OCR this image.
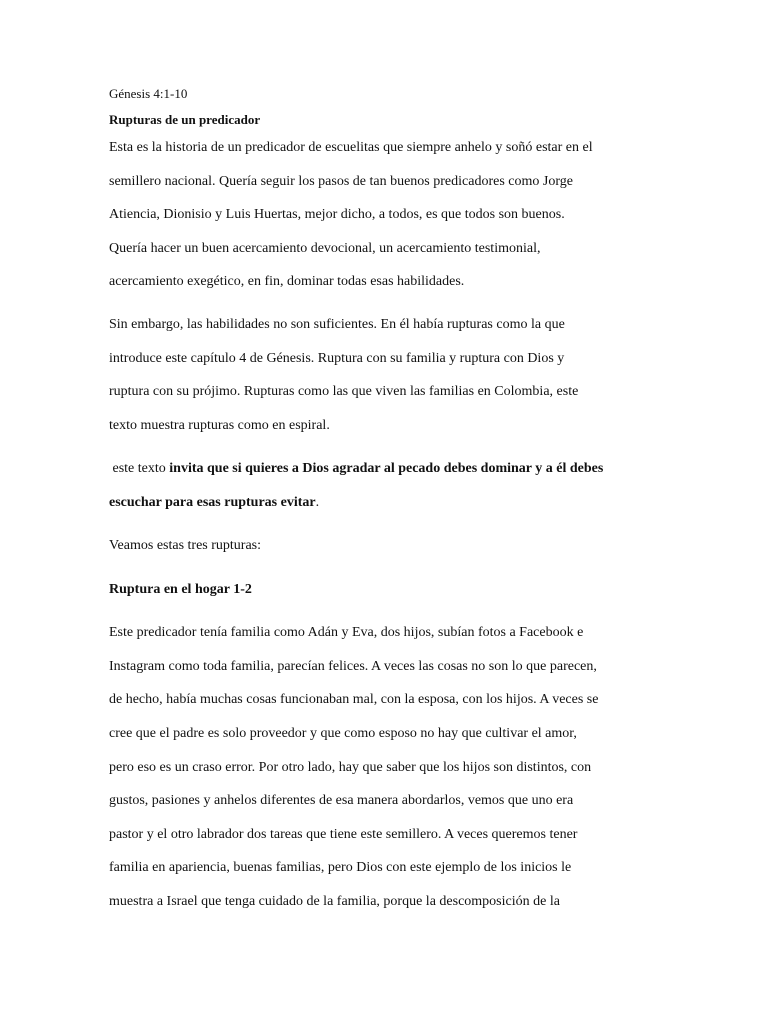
Génesis 4:1-10

Rupturas de un predicador

Esta es la historia de un predicador de escuelitas que siempre anhelo y soñó estar en el

semillero nacional. Quería seguir los pasos de tan buenos predicadores como Jorge

Atiencia, Dionisio y Luis Huertas, mejor dicho, a todos, es que todos son buenos.

Quería hacer un buen acercamiento devocional, un acercamiento testimonial,

acercamiento exegético, en fin, dominar todas esas habilidades.

Sin embargo, las habilidades no son suficientes. En él había rupturas como la que

introduce este capítulo 4 de Génesis. Ruptura con su familia y ruptura con Dios y

ruptura con su prójimo. Rupturas como las que viven las familias en Colombia, este

texto muestra rupturas como en espiral.

este texto invita que si quieres a Dios agradar al pecado debes dominar y a él debes

escuchar para esas rupturas evitar.

Veamos estas tres rupturas:

Ruptura en el hogar 1-2

Este predicador tenía familia como Adán y Eva, dos hijos, subían fotos a Facebook e

Instagram como toda familia, parecían felices. A veces las cosas no son lo que parecen,

de hecho, había muchas cosas funcionaban mal, con la esposa, con los hijos. A veces se

cree que el padre es solo proveedor y que como esposo no hay que cultivar el amor,

pero eso es un craso error. Por otro lado, hay que saber que los hijos son distintos, con

gustos, pasiones y anhelos diferentes de esa manera abordarlos, vemos que uno era

pastor y el otro labrador dos tareas que tiene este semillero. A veces queremos tener

familia en apariencia, buenas familias, pero Dios con este ejemplo de los inicios le

muestra a Israel que tenga cuidado de la familia, porque la descomposición de la
